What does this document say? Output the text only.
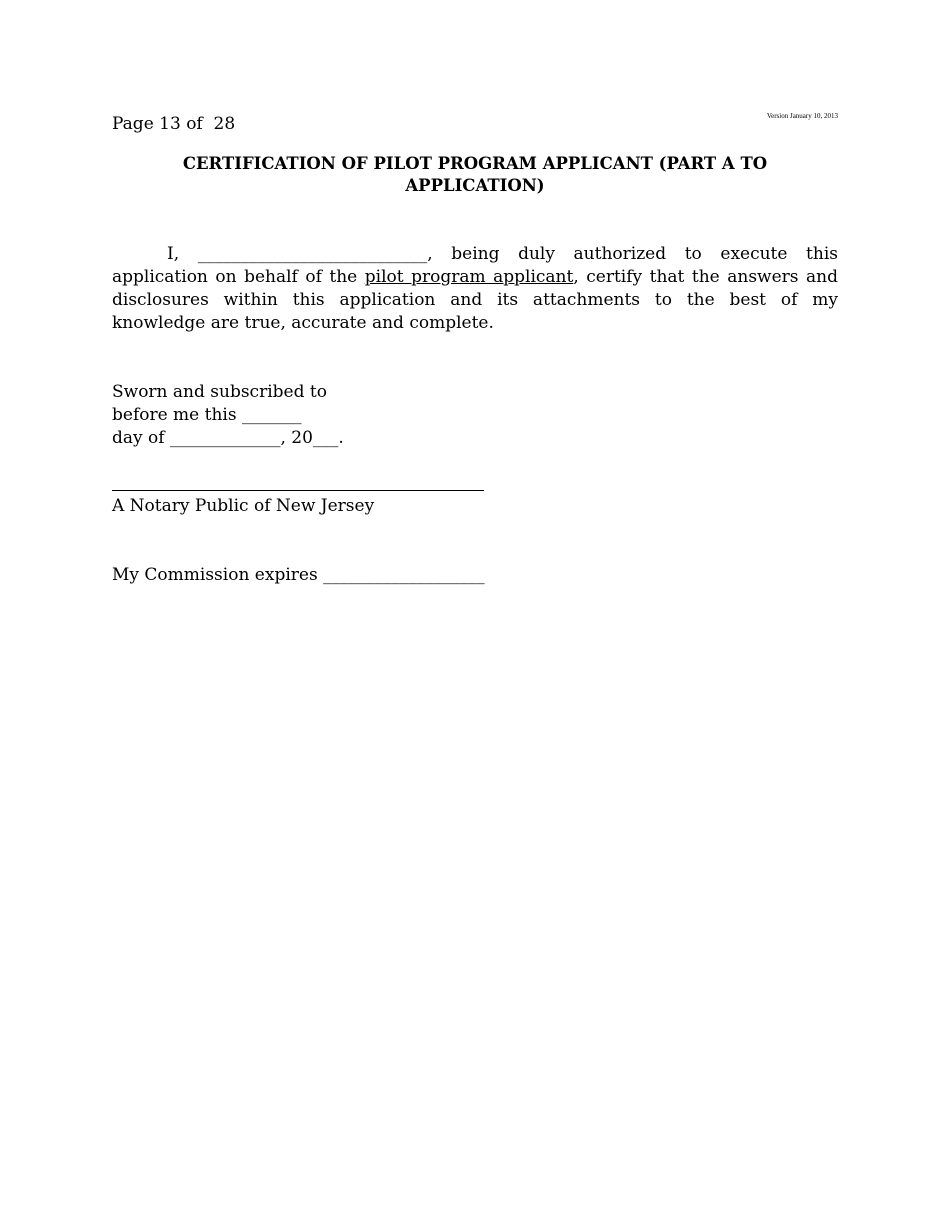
Page 13 of  28	Version January 10, 2013
CERTIFICATION OF PILOT PROGRAM APPLICANT (PART A TO
APPLICATION)

I, ___________________________, being duly authorized to execute this
application on behalf of the pilot program applicant, certify that the answers and
disclosures within this application and its attachments to the best of my
knowledge are true, accurate and complete.

Sworn and subscribed to
before me this _______
day of _____________, 20___.
A Notary Public of New Jersey
My Commission expires ___________________
